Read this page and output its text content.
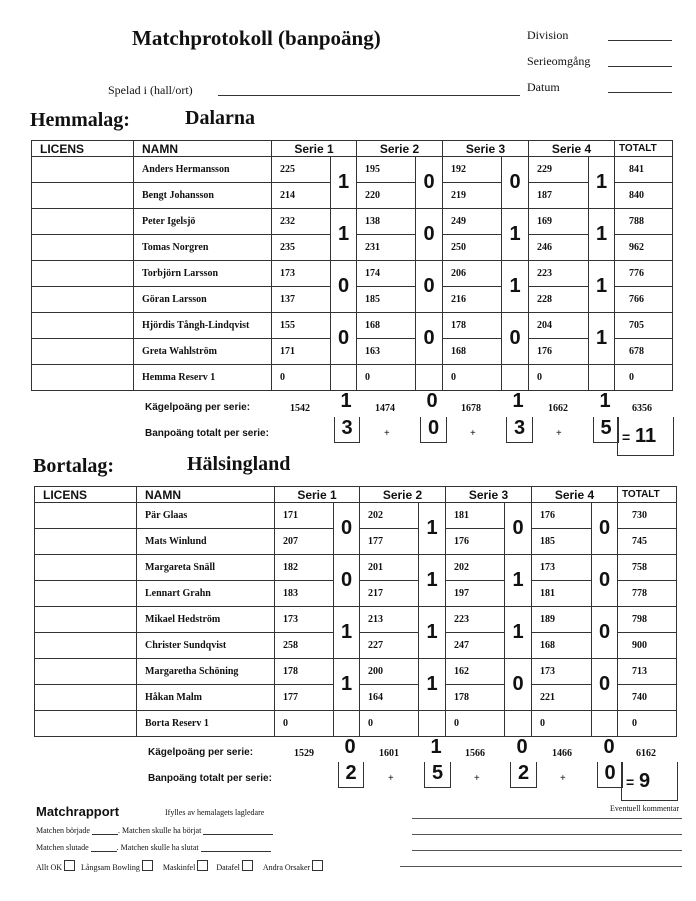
Matchprotokoll (banpoäng)	Division
Serieomgång
Spelad i (hall/ort)	Datum
Hemmalag:	Dalarna
LICENS	NAMN	Serie 1		Serie 2		Serie 3		Serie 4		TOTALT
	Anders Hermansson	225	1	195	0	192	0	229	1	841
	Bengt Johansson	214		220		219		187		840
	Peter Igelsjö	232	1	138	0	249	1	169	1	788
	Tomas Norgren	235		231		250		246		962
	Torbjörn Larsson	173	0	174	0	206	1	223	1	776
	Göran Larsson	137		185		216		228		766
	Hjördis Tångh-Lindqvist	155	0	168	0	178	0	204	1	705
	Greta Wahlström	171		163		168		176		678
	Hemma Reserv 1	0		0		0		0		0
Kägelpoäng per serie:	1542	1	1474	0	1678	1	1662	1	6356
Banpoäng totalt per serie:	3	+	0	+	3	+	5 = 11
Bortalag:	Hälsingland
LICENS	NAMN	Serie 1		Serie 2		Serie 3		Serie 4		TOTALT
	Pär Glaas	171	0	202	1	181	0	176	0	730
	Mats Winlund	207		177		176		185		745
	Margareta Snäll	182	0	201	1	202	1	173	0	758
	Lennart Grahn	183		217		197		181		778
	Mikael Hedström	173	1	213	1	223	1	189	0	798
	Christer Sundqvist	258		227		247		168		900
	Margaretha Schöning	178	1	200	1	162	0	173	0	713
	Håkan Malm	177		164		178		221		740
	Borta Reserv 1	0		0		0		0		0
Kägelpoäng per serie:	1529	0	1601	1	1566	0	1466	0	6162
Banpoäng totalt per serie:	2	+	5	+	2	+	0 = 9
Matchrapport	Ifylles av hemalagets lagledare	Eventuell kommentar
Matchen började	. Matchen skulle ha börjat
Matchen slutade	. Matchen skulle ha slutat
Allt OK Långsam Bowling	Maskinfel	Datafel	Andra Orsaker
